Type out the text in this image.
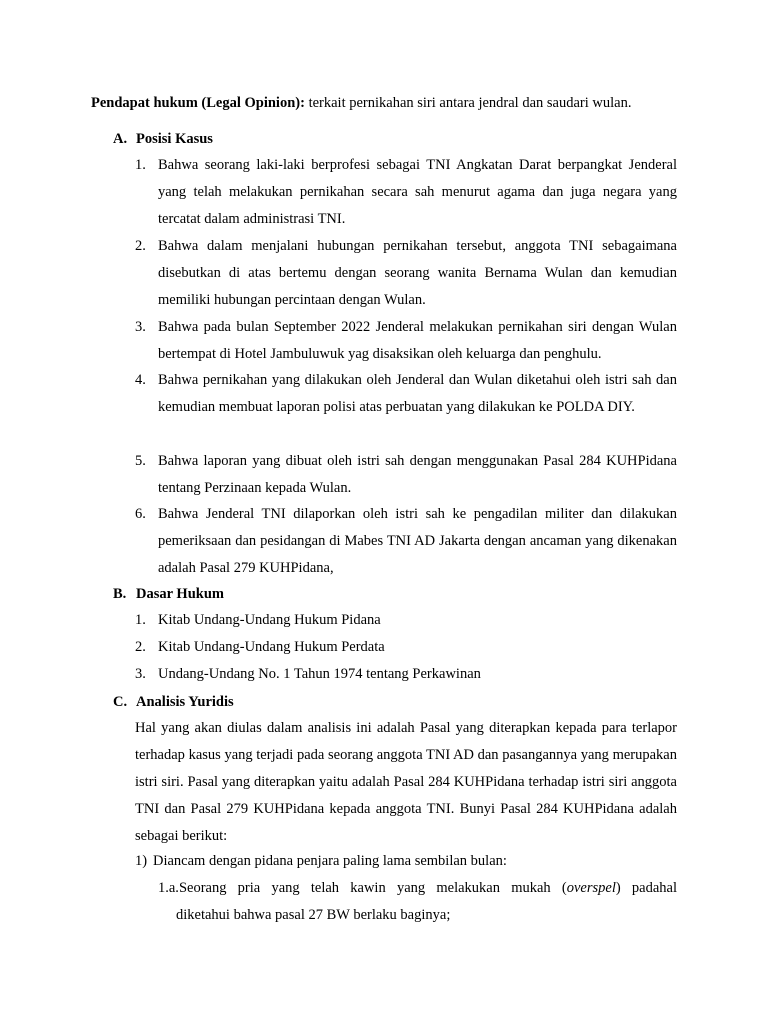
Pendapat hukum (Legal Opinion): terkait pernikahan siri antara jendral dan saudari wulan.
A. Posisi Kasus
1. Bahwa seorang laki-laki berprofesi sebagai TNI Angkatan Darat berpangkat Jenderal yang telah melakukan pernikahan secara sah menurut agama dan juga negara yang tercatat dalam administrasi TNI.
2. Bahwa dalam menjalani hubungan pernikahan tersebut, anggota TNI sebagaimana disebutkan di atas bertemu dengan seorang wanita Bernama Wulan dan kemudian memiliki hubungan percintaan dengan Wulan.
3. Bahwa pada bulan September 2022 Jenderal melakukan pernikahan siri dengan Wulan bertempat di Hotel Jambuluwuk yag disaksikan oleh keluarga dan penghulu.
4. Bahwa pernikahan yang dilakukan oleh Jenderal dan Wulan diketahui oleh istri sah dan kemudian membuat laporan polisi atas perbuatan yang dilakukan ke POLDA DIY.
5. Bahwa laporan yang dibuat oleh istri sah dengan menggunakan Pasal 284 KUHPidana tentang Perzinaan kepada Wulan.
6. Bahwa Jenderal TNI dilaporkan oleh istri sah ke pengadilan militer dan dilakukan pemeriksaan dan pesidangan di Mabes TNI AD Jakarta dengan ancaman yang dikenakan adalah Pasal 279 KUHPidana,
B. Dasar Hukum
1. Kitab Undang-Undang Hukum Pidana
2. Kitab Undang-Undang Hukum Perdata
3. Undang-Undang No. 1 Tahun 1974 tentang Perkawinan
C. Analisis Yuridis
Hal yang akan diulas dalam analisis ini adalah Pasal yang diterapkan kepada para terlapor terhadap kasus yang terjadi pada seorang anggota TNI AD dan pasangannya yang merupakan istri siri. Pasal yang diterapkan yaitu adalah Pasal 284 KUHPidana terhadap istri siri anggota TNI dan Pasal 279 KUHPidana kepada anggota TNI. Bunyi Pasal 284 KUHPidana adalah sebagai berikut:
1) Diancam dengan pidana penjara paling lama sembilan bulan:
1.a.Seorang pria yang telah kawin yang melakukan mukah (overspel) padahal
diketahui bahwa pasal 27 BW berlaku baginya;
